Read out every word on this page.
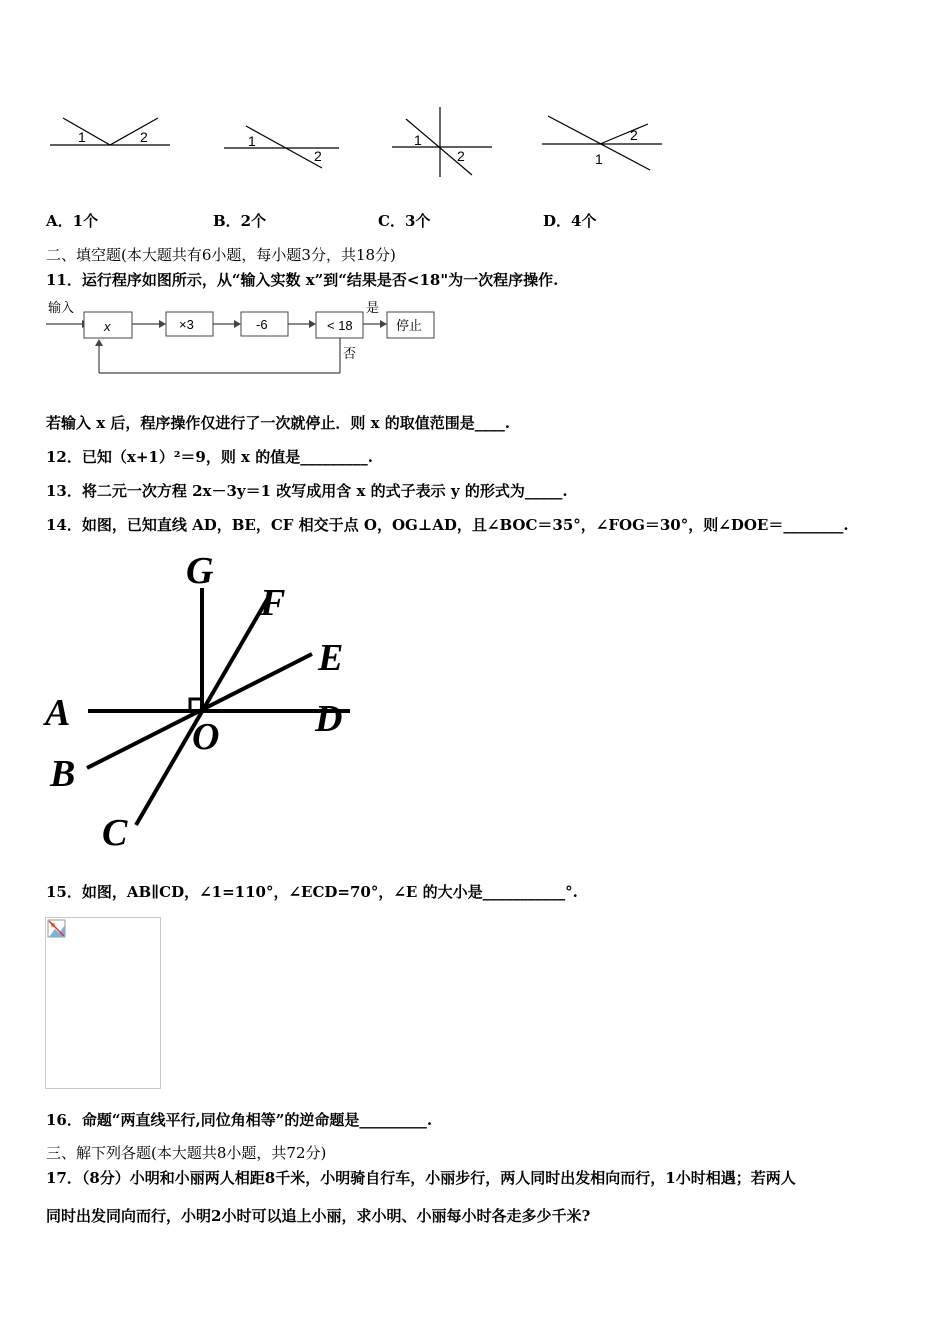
1	2	1
2
1
2
2
1
A．1个	B．2个	C．3个	D．4个
二、填空题(本大题共有6小题，每小题3分，共18分)
11．运行程序如图所示，从“输入实数 x”到“结果是否<18"为一次程序操作.
输入
x	×3	-6	< 18
是
停止
否
若输入 x 后，程序操作仅进行了一次就停止．则 x 的取值范围是____.
12．已知（x+1）²＝9，则 x 的值是_________.
13．将二元一次方程 2x－3y＝1 改写成用含 x 的式子表示 y 的形式为_____.
14．如图，已知直线 AD，BE，CF 相交于点 O，OG⊥AD，且∠BOC＝35°，∠FOG＝30°，则∠DOE＝________.
G
F
E
A
O	D
B
C
15．如图，AB∥CD，∠1=110°，∠ECD=70°，∠E 的大小是___________°.
16．命题“两直线平行,同位角相等”的逆命题是_________.
三、解下列各题(本大题共8小题，共72分)
17．（8分）小明和小丽两人相距8千米，小明骑自行车，小丽步行，两人同时出发相向而行，1小时相遇；若两人
同时出发同向而行，小明2小时可以追上小丽，求小明、小丽每小时各走多少千米?
